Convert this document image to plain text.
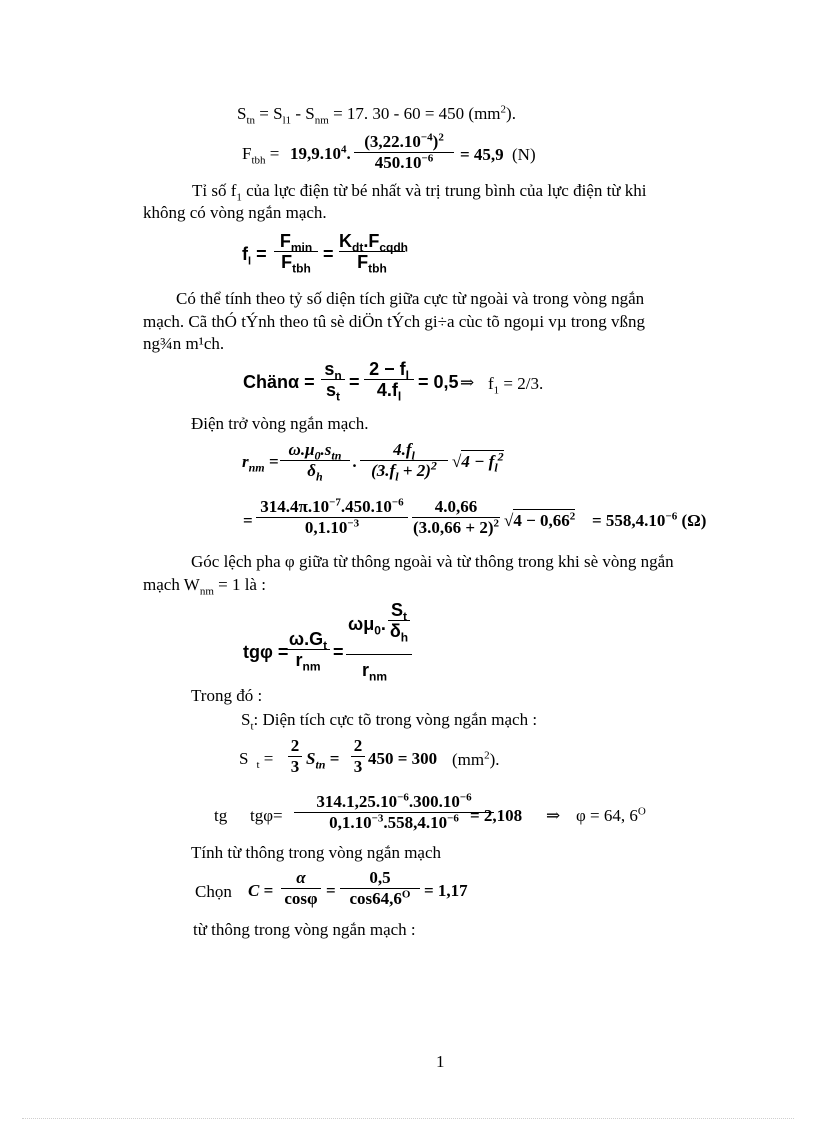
$S_{tn} = S_{l1} - S_{nm} = 17$. 30 - 60 = 450 $(mm^2)$.
$F_{tbh} = 19,9.10^4$.
$(3,22.10^{-4})^2$
$450.10^{-6}$	= 45,9 (N)
Tỉ số $f_1$ của lực điện từ bé nhất và trị trung bình của lực điện từ khi
không có vòng ngắn mạch.
$f_l$ =
$F_{min}$
$F_{tbh}$
=
$K_{dt}.F_{cqdh}$
$F_{tbh}$
Có thể tính theo tỷ số diện tích giữa cực từ ngoài và trong vòng ngắn
mạch. Cã thÓ tÝnh theo tû sè diÖn tÝch gi÷a cùc tõ ngoµi vµ trong vßng
ng¾n m¹ch.
Chänα =
$s_n$
$s_t$
=
$2 - f_l$
$4.f_l$
= 0,5 ⇒ $f_1 = 2/3$.
Điện trở vòng ngắn mạch.
$r_{nm}$ =
$\omega.\mu_0.s_{tn}$
$\delta_h$
.
$4.f_l$
$(3.f_l + 2)^2$ $√4 - f_l^2$
=
$314.4\pi.10^{-7}.450.10^{-6}$
$0,1.10^{-3}$
4.0,66
$(3.0,66 + 2)^2$ $√4 - 0,66^2 = 558,4.10^{-6}$ (Ω)
Góc lệch pha φ giữa từ thông ngoài và từ thông trong khi sè vòng ngắn
mạch $W_{nm} = 1$ là :
tgφ =
$\omega.G_t$
$r_{nm}$
=
$\omega\mu_0$.
$S_t$
$\delta_h$
$r_{nm}$
Trong đó :
$S_t$: Diện tích cực tõ trong vòng ngắn mạch :
S $_t$ =
2
3 $S_{tn}$ =
2
3 450 = 300 $(mm^2)$.
tg tgφ=
$314.1,25.10^{-6}.300.10^{-6}$
$0,1.10^{-3}.558,4.10^{-6} = 2,108$ ⇒ φ = 64, $6^O$
Tính từ thông trong vòng ngắn mạch
Chọn C =
α
cosφ =
0,5
$\cos 64,6^O = 1,17$
từ thông trong vòng ngắn mạch :
1
